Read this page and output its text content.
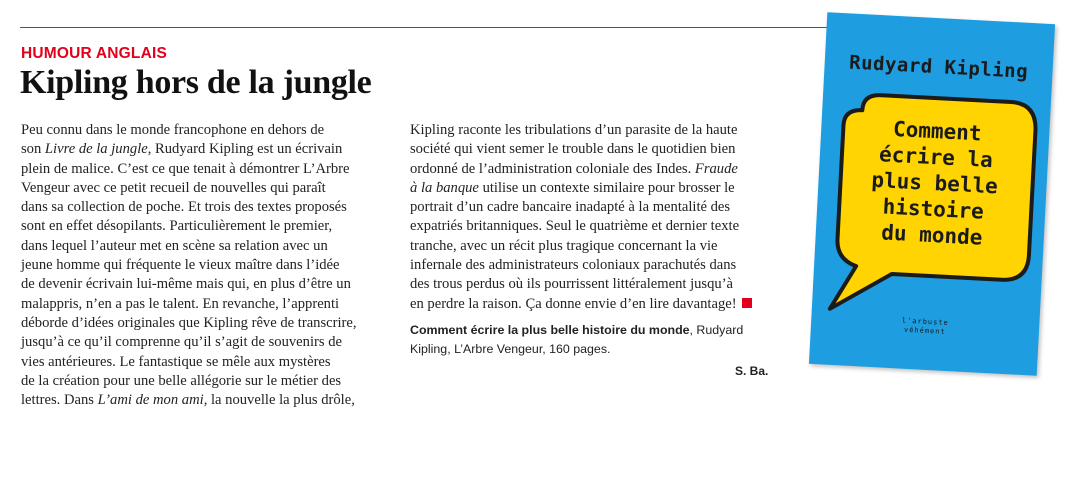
HUMOUR ANGLAIS
Kipling hors de la jungle
Peu connu dans le monde francophone en dehors de
son Livre de la jungle, Rudyard Kipling est un écrivain
plein de malice. C’est ce que tenait à démontrer L’Arbre
Vengeur avec ce petit recueil de nouvelles qui paraît
dans sa collection de poche. Et trois des textes proposés
sont en effet désopilants. Particulièrement le premier,
dans lequel l’auteur met en scène sa relation avec un
jeune homme qui fréquente le vieux maître dans l’idée
de devenir écrivain lui-même mais qui, en plus d’être un
malappris, n’en a pas le talent. En revanche, l’apprenti
déborde d’idées originales que Kipling rêve de transcrire,
jusqu’à ce qu’il comprenne qu’il s’agit de souvenirs de
vies antérieures. Le fantastique se mêle aux mystères
de la création pour une belle allégorie sur le métier des
lettres. Dans L’ami de mon ami, la nouvelle la plus drôle,
Kipling raconte les tribulations d’un parasite de la haute
société qui vient semer le trouble dans le quotidien bien
ordonné de l’administration coloniale des Indes. Fraude
à la banque utilise un contexte similaire pour brosser le
portrait d’un cadre bancaire inadapté à la mentalité des
expatriés britanniques. Seul le quatrième et dernier texte
tranche, avec un récit plus tragique concernant la vie
infernale des administrateurs coloniaux parachutés dans
des trous perdus où ils pourrissent littéralement jusqu’à
en perdre la raison. Ça donne envie d’en lire davantage!
Comment écrire la plus belle histoire du monde, Rudyard
Kipling, L’Arbre Vengeur, 160 pages.
S. Ba.
Rudyard Kipling
Comment
écrire la
plus belle
histoire
du monde
l'arbuste
véhément
